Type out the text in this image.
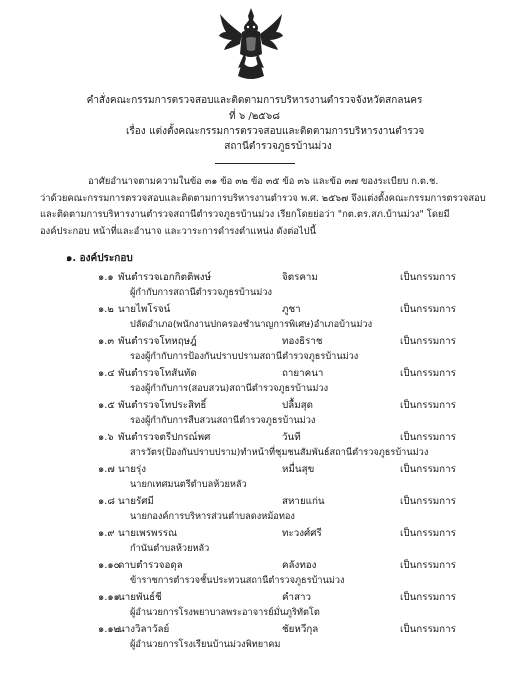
คำสั่งคณะกรรมการตรวจสอบและติดตามการบริหารงานตำรวจจังหวัดสกลนคร
ที่ ๖ /๒๕๖๘
เรื่อง แต่งตั้งคณะกรรมการตรวจสอบและติดตามการบริหารงานตำรวจ
สถานีตำรวจภูธรบ้านม่วง
อาศัยอำนาจตามความในข้อ ๓๑ ข้อ ๓๒ ข้อ ๓๕ ข้อ ๓๖ และข้อ ๓๗ ของระเบียบ ก.ต.ช.
ว่าด้วยคณะกรรมการตรวจสอบและติดตามการบริหารงานตำรวจ พ.ศ. ๒๕๖๗ จึงแต่งตั้งคณะกรรมการตรวจสอบ
และติดตามการบริหารงานตำรวจสถานีตำรวจภูธรบ้านม่วง เรียกโดยย่อว่า "กต.ตร.สภ.บ้านม่วง" โดยมี
องค์ประกอบ หน้าที่และอำนาจ และวาระการดำรงตำแหน่ง ดังต่อไปนี้
๑. องค์ประกอบ
๑.๑ พันตำรวจเอกกิตติพงษ์	จิตรคาม	เป็นกรรมการ
ผู้กำกับการสถานีตำรวจภูธรบ้านม่วง
๑.๒ นายไพโรจน์	ภูชา	เป็นกรรมการ
ปลัดอำเภอ(พนักงานปกครองชำนาญการพิเศษ)อำเภอบ้านม่วง
๑.๓ พันตำรวจโทหฤษฎ์	ทองธิราช	เป็นกรรมการ
รองผู้กำกับการป้องกันปราบปรามสถานีตำรวจภูธรบ้านม่วง
๑.๔ พันตำรวจโทสันทัด	ถายาคนา	เป็นกรรมการ
รองผู้กำกับการ(สอบสวน)สถานีตำรวจภูธรบ้านม่วง
๑.๕ พันตำรวจโทประสิทธิ์	ปลื้มสุด	เป็นกรรมการ
รองผู้กำกับการสืบสวนสถานีตำรวจภูธรบ้านม่วง
๑.๖ พันตำรวจตรีปกรณ์พศ	วันที	เป็นกรรมการ
สารวัตร(ป้องกันปราบปราม)ทำหน้าที่ชุมชนสัมพันธ์สถานีตำรวจภูธรบ้านม่วง
๑.๗ นายรุ่ง	หมื่นสุข	เป็นกรรมการ
นายกเทศมนตรีตำบลห้วยหลัว
๑.๘ นายรัศมี	สหายแก่น	เป็นกรรมการ
นายกองค์การบริหารส่วนตำบลดงหม้อทอง
๑.๙ นายเพรพรรณ	ทะวงศ์ศรี	เป็นกรรมการ
กำนันตำบลห้วยหลัว
๑.๑๐
ดาบตำรวจอดุล	คลังทอง	เป็นกรรมการ
ข้าราชการตำรวจชั้นประทวนสถานีตำรวจภูธรบ้านม่วง
๑.๑๑
นายพันธ์ชี	คำสาว	เป็นกรรมการ
ผู้อำนวยการโรงพยาบาลพระอาจารย์มั่นภูริทัตโต
๑.๑๒
นางวิลาวัลย์	ชัยหวีกุล	เป็นกรรมการ
ผู้อำนวยการโรงเรียนบ้านม่วงพิทยาคม
